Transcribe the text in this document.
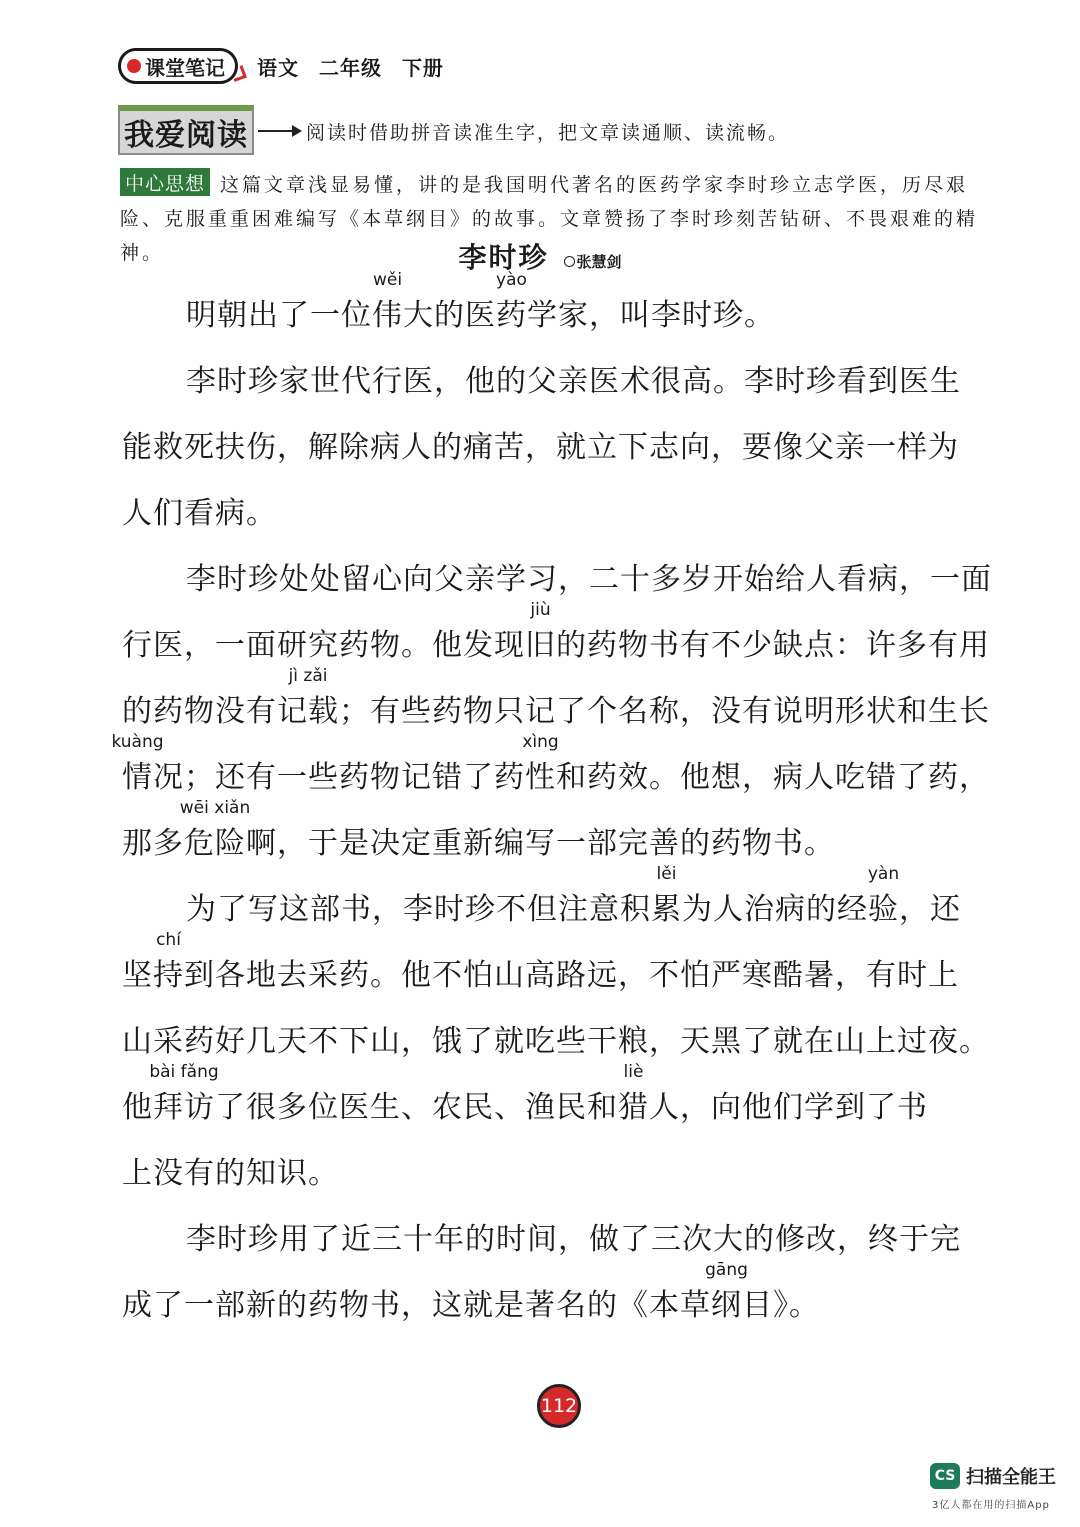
课堂笔记 语文 二年级 下册
我爱阅读	阅读时借助拼音读准生字，把文章读通顺、读流畅。
这篇文章浅显易懂，讲的是我国明代著名的医药学家李时珍立志学医，历尽艰险、克服重重困难编写《本草纲目》的故事。文章赞扬了李时珍刻苦钻研、不畏艰难的精神。
中心思想
李时珍 张慧剑
明朝出了一位
wěi
伟大的医
yào
药学家，叫李时珍。
李时珍家世代行医，他的父亲医术很高。李时珍看到医生
能救死扶伤，解除病人的痛苦，就立下志向，要像父亲一样为
人们看病。
李时珍处处留心向父亲学习，二十多岁开始给人看病，一面
行医，一面研究药物。他发现
jiù
旧的药物书有不少缺点：许多有用
的药物没有
jì zǎi
记载；有些药物只记了个名称，没有说明形状和生长
kuàng
情况；还有一些药物记错了药
xìng
性和药效。他想，病人吃错了药，
那多
wēi xiǎn
危险啊，于是决定重新编写一部完善的药物书。
为了写这部书，李时珍不但注意积
lěi
累为人治病的经
yàn
验，还
坚
chí
持到各地去采药。他不怕山高路远，不怕严寒酷暑，有时上
山采药好几天不下山，饿了就吃些干粮，天黑了就在山上过夜。
他
bài fǎng
拜访了很多位医生、农民、渔民和
liè
猎人，向他们学到了书
上没有的知识。
李时珍用了近三十年的时间，做了三次大的修改，终于完
成了一部新的药物书，这就是著名的《本草
gāng
纲目》。
112
CS 扫描全能王
3亿人都在用的扫描App
